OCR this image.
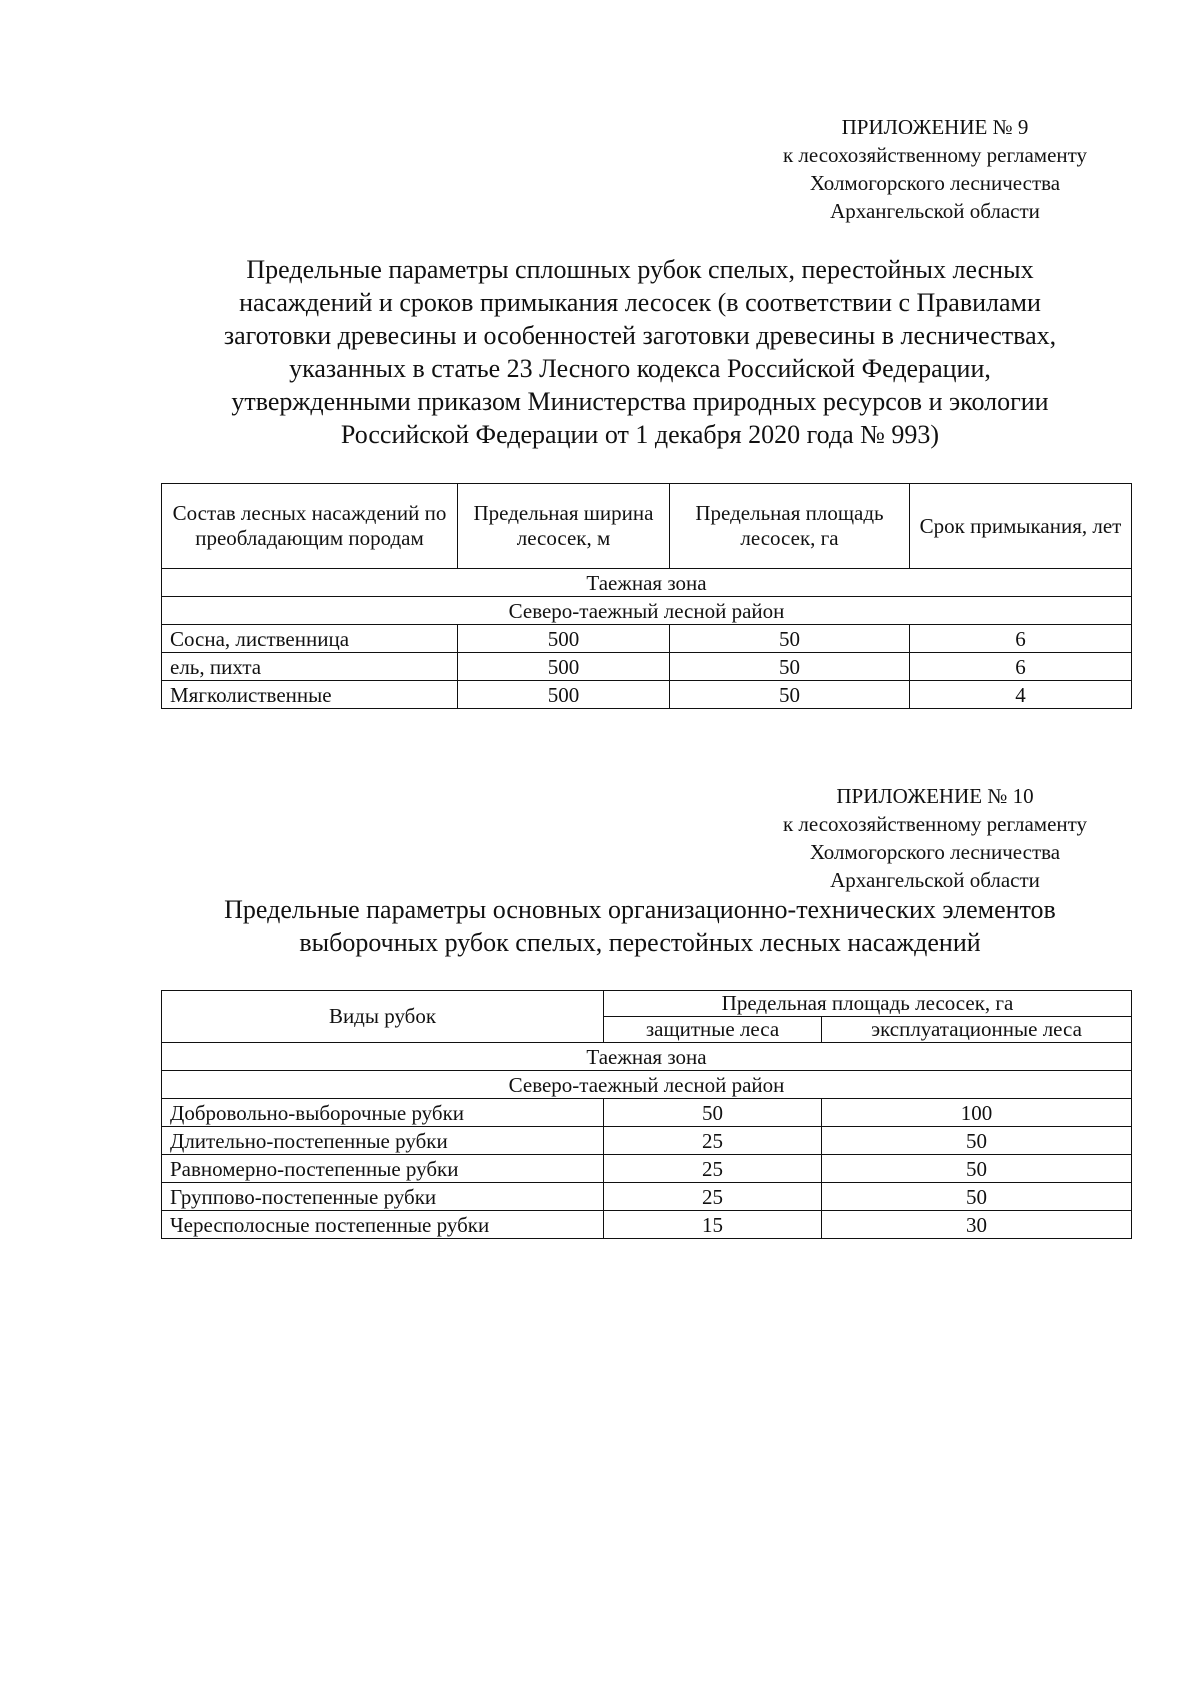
ПРИЛОЖЕНИЕ № 9
к лесохозяйственному регламенту
Холмогорского лесничества
Архангельской области
Предельные параметры сплошных рубок спелых, перестойных лесных
насаждений и сроков примыкания лесосек (в соответствии с Правилами
заготовки древесины и особенностей заготовки древесины в лесничествах,
указанных в статье 23 Лесного кодекса Российской Федерации,
утвержденными приказом Министерства природных ресурсов и экологии
Российской Федерации от 1 декабря 2020 года № 993)
Состав лесных насаждений по преобладающим породам	Предельная ширина лесосек, м	Предельная площадь лесосек, га	Срок примыкания, лет
Таежная зона			
Северо-таежный лесной район			
Сосна, лиственница	500	50	6
ель, пихта	500	50	6
Мягколиственные	500	50	4
ПРИЛОЖЕНИЕ № 10
к лесохозяйственному регламенту
Холмогорского лесничества
Архангельской области
Предельные параметры основных организационно-технических элементов
выборочных рубок спелых, перестойных лесных насаждений
Виды рубок	Предельная площадь лесосек, га	
	защитные леса	эксплуатационные леса
Таежная зона		
Северо-таежный лесной район		
Добровольно-выборочные рубки	50	100
Длительно-постепенные рубки	25	50
Равномерно-постепенные рубки	25	50
Группово-постепенные рубки	25	50
Чересполосные постепенные рубки	15	30
